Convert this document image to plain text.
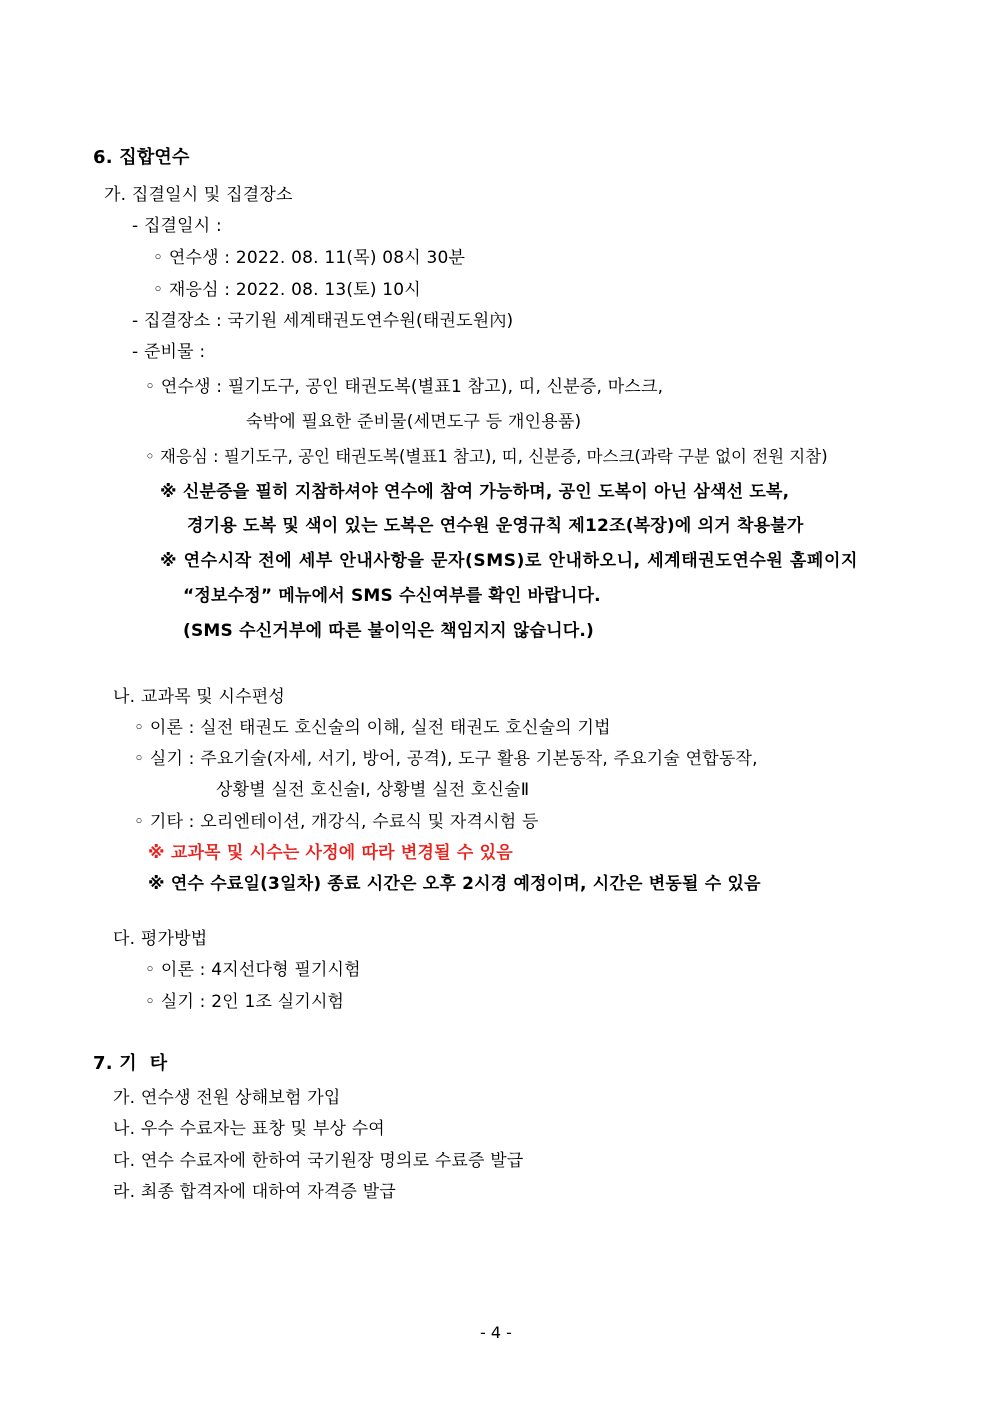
6. 집합연수
가. 집결일시 및 집결장소
- 집결일시 :
◦ 연수생 : 2022. 08. 11(목) 08시 30분
◦ 재응심 : 2022. 08. 13(토) 10시
- 집결장소 : 국기원 세계태권도연수원(태권도원內)
- 준비물 :
◦ 연수생 : 필기도구, 공인 태권도복(별표1 참고), 띠, 신분증, 마스크,
숙박에 필요한 준비물(세면도구 등 개인용품)
◦ 재응심 : 필기도구, 공인 태권도복(별표1 참고), 띠, 신분증, 마스크(과락 구분 없이 전원 지참)
※ 신분증을 필히 지참하셔야 연수에 참여 가능하며, 공인 도복이 아닌 삼색선 도복,
경기용 도복 및 색이 있는 도복은 연수원 운영규칙 제12조(복장)에 의거 착용불가
※ 연수시작 전에 세부 안내사항을 문자(SMS)로 안내하오니, 세계태권도연수원 홈페이지
“정보수정” 메뉴에서 SMS 수신여부를 확인 바랍니다.
(SMS 수신거부에 따른 불이익은 책임지지 않습니다.)
나. 교과목 및 시수편성
◦ 이론 : 실전 태권도 호신술의 이해, 실전 태권도 호신술의 기법
◦ 실기 : 주요기술(자세, 서기, 방어, 공격), 도구 활용 기본동작, 주요기술 연합동작,
상황별 실전 호신술Ⅰ, 상황별 실전 호신술Ⅱ
◦ 기타 : 오리엔테이션, 개강식, 수료식 및 자격시험 등
※ 교과목 및 시수는 사정에 따라 변경될 수 있음
※ 연수 수료일(3일차) 종료 시간은 오후 2시경 예정이며, 시간은 변동될 수 있음
다. 평가방법
◦ 이론 : 4지선다형 필기시험
◦ 실기 : 2인 1조 실기시험
7. 기  타
가. 연수생 전원 상해보험 가입
나. 우수 수료자는 표창 및 부상 수여
다. 연수 수료자에 한하여 국기원장 명의로 수료증 발급
라. 최종 합격자에 대하여 자격증 발급
- 4 -
